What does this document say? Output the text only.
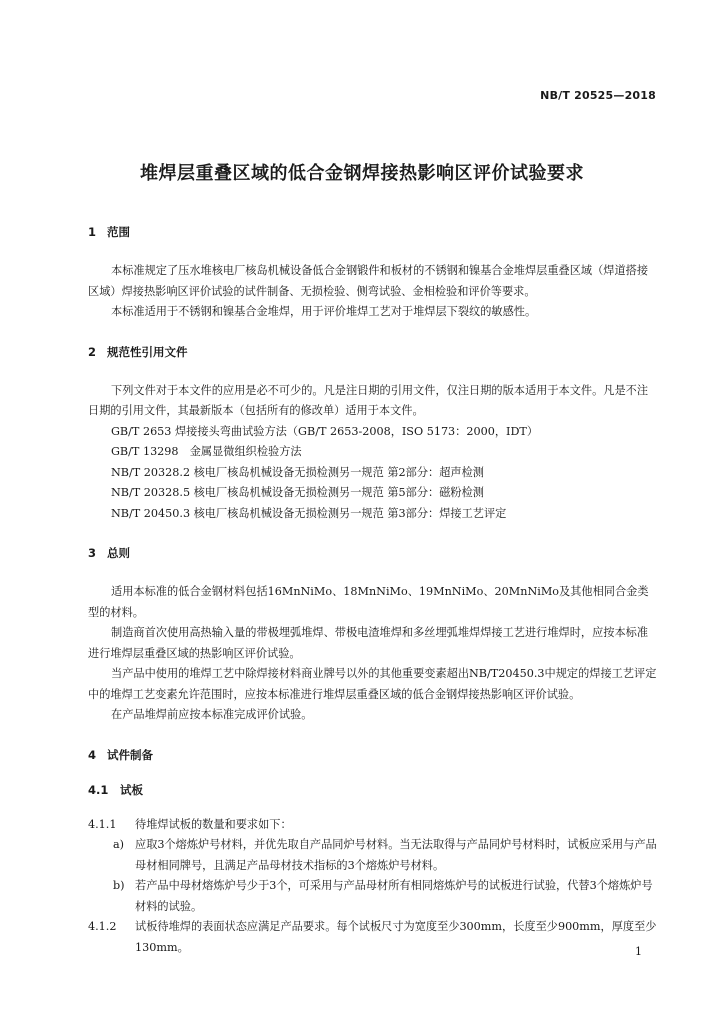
NB/T 20525—2018
堆焊层重叠区域的低合金钢焊接热影响区评价试验要求
1 范围

本标准规定了压水堆核电厂核岛机械设备低合金钢锻件和板材的不锈钢和镍基合金堆焊层重叠区域（焊道搭接区域）焊接热影响区评价试验的试件制备、无损检验、侧弯试验、金相检验和评价等要求。

本标准适用于不锈钢和镍基合金堆焊，用于评价堆焊工艺对于堆焊层下裂纹的敏感性。

2 规范性引用文件

下列文件对于本文件的应用是必不可少的。凡是注日期的引用文件，仅注日期的版本适用于本文件。凡是不注日期的引用文件，其最新版本（包括所有的修改单）适用于本文件。

GB/T 2653 焊接接头弯曲试验方法（GB/T 2653-2008，ISO 5173：2000，IDT）

GB/T 13298　金属显微组织检验方法

NB/T 20328.2 核电厂核岛机械设备无损检测另一规范 第2部分：超声检测

NB/T 20328.5 核电厂核岛机械设备无损检测另一规范 第5部分：磁粉检测

NB/T 20450.3 核电厂核岛机械设备无损检测另一规范 第3部分：焊接工艺评定

3 总则

适用本标准的低合金钢材料包括16MnNiMo、18MnNiMo、19MnNiMo、20MnNiMo及其他相同合金类型的材料。

制造商首次使用高热输入量的带极埋弧堆焊、带极电渣堆焊和多丝埋弧堆焊焊接工艺进行堆焊时，应按本标准进行堆焊层重叠区域的热影响区评价试验。

当产品中使用的堆焊工艺中除焊接材料商业牌号以外的其他重要变素超出NB/T20450.3中规定的焊接工艺评定中的堆焊工艺变素允许范围时，应按本标准进行堆焊层重叠区域的低合金钢焊接热影响区评价试验。

在产品堆焊前应按本标准完成评价试验。

4 试件制备
4.1 试板
4.1.1	待堆焊试板的数量和要求如下：
a) 应取3个熔炼炉号材料，并优先取自产品同炉号材料。当无法取得与产品同炉号材料时，试板应采用与产品母材相同牌号，且满足产品母材技术指标的3个熔炼炉号材料。
b) 若产品中母材熔炼炉号少于3个，可采用与产品母材所有相同熔炼炉号的试板进行试验，代替3个熔炼炉号材料的试验。
4.1.2	试板待堆焊的表面状态应满足产品要求。每个试板尺寸为宽度至少300mm，长度至少900mm，厚度至少130mm。	1
